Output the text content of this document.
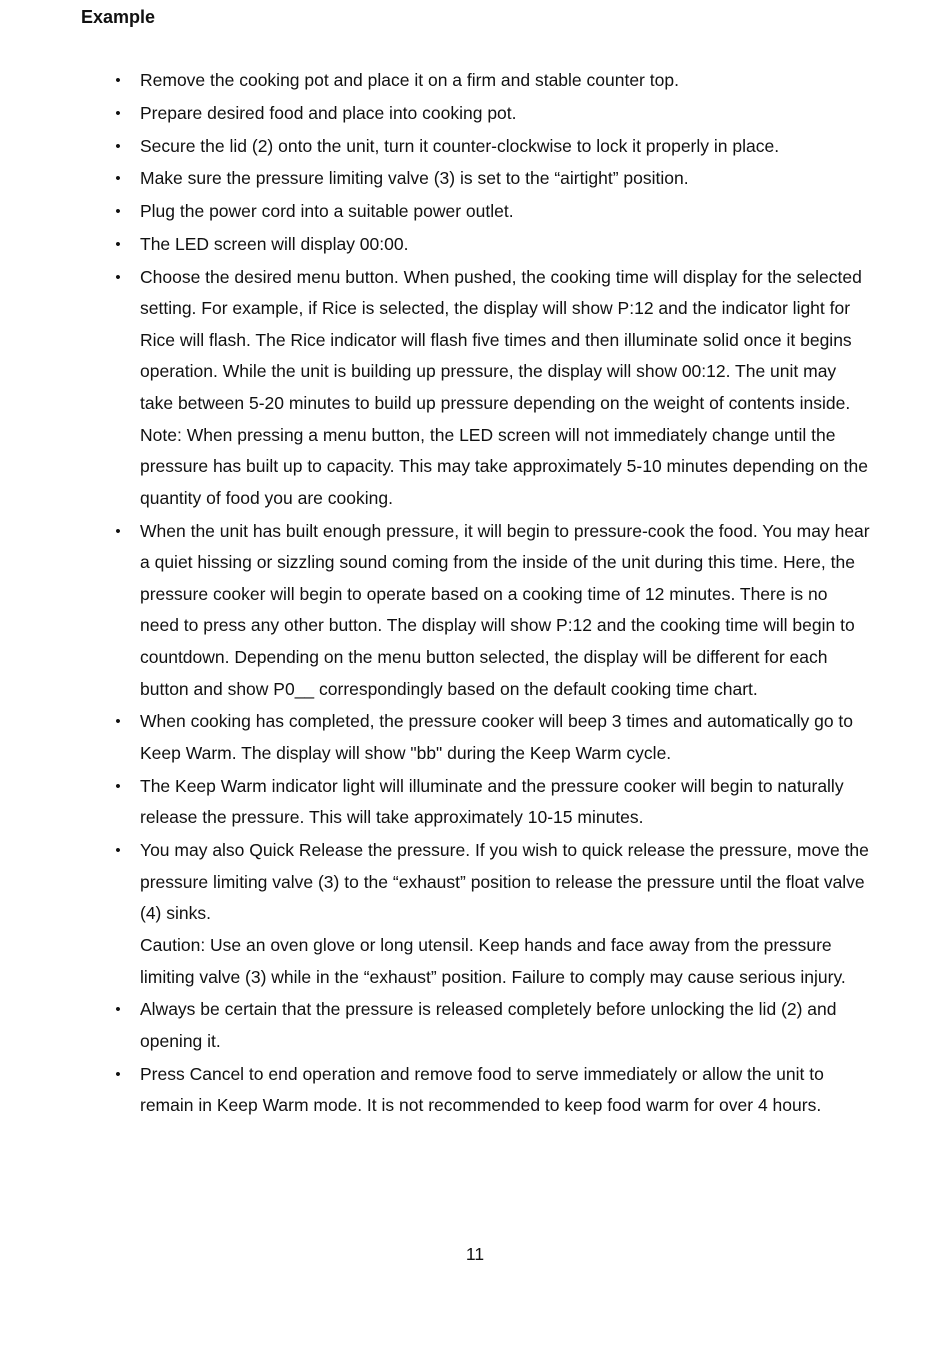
Example
• Remove the cooking pot and place it on a firm and stable counter top.

• Prepare desired food and place into cooking pot.

• Secure the lid (2) onto the unit, turn it counter-clockwise to lock it properly in place.

• Make sure the pressure limiting valve (3) is set to the “airtight” position.

• Plug the power cord into a suitable power outlet.

• The LED screen will display 00:00.

• Choose the desired menu button. When pushed, the cooking time will display for the selected setting. For example, if Rice is selected, the display will show P:12 and the indicator light for Rice will flash. The Rice indicator will flash five times and then illuminate solid once it begins operation. While the unit is building up pressure, the display will show 00:12. The unit may take between 5-20 minutes to build up pressure depending on the weight of contents inside.

Note: When pressing a menu button, the LED screen will not immediately change until the pressure has built up to capacity. This may take approximately 5-10 minutes depending on the quantity of food you are cooking.

• When the unit has built enough pressure, it will begin to pressure-cook the food. You may hear a quiet hissing or sizzling sound coming from the inside of the unit during this time. Here, the pressure cooker will begin to operate based on a cooking time of 12 minutes. There is no need to press any other button. The display will show P:12 and the cooking time will begin to countdown. Depending on the menu button selected, the display will be different for each button and show P0__ correspondingly based on the default cooking time chart.

• When cooking has completed, the pressure cooker will beep 3 times and automatically go to Keep Warm. The display will show "bb" during the Keep Warm cycle.

• The Keep Warm indicator light will illuminate and the pressure cooker will begin to naturally release the pressure. This will take approximately 10-15 minutes.

• You may also Quick Release the pressure. If you wish to quick release the pressure, move the pressure limiting valve (3) to the “exhaust” position to release the pressure until the float valve (4) sinks.

Caution: Use an oven glove or long utensil. Keep hands and face away from the pressure limiting valve (3) while in the “exhaust” position. Failure to comply may cause serious injury.

• Always be certain that the pressure is released completely before unlocking the lid (2) and opening it.

• Press Cancel to end operation and remove food to serve immediately or allow the unit to remain in Keep Warm mode. It is not recommended to keep food warm for over 4 hours.

11
